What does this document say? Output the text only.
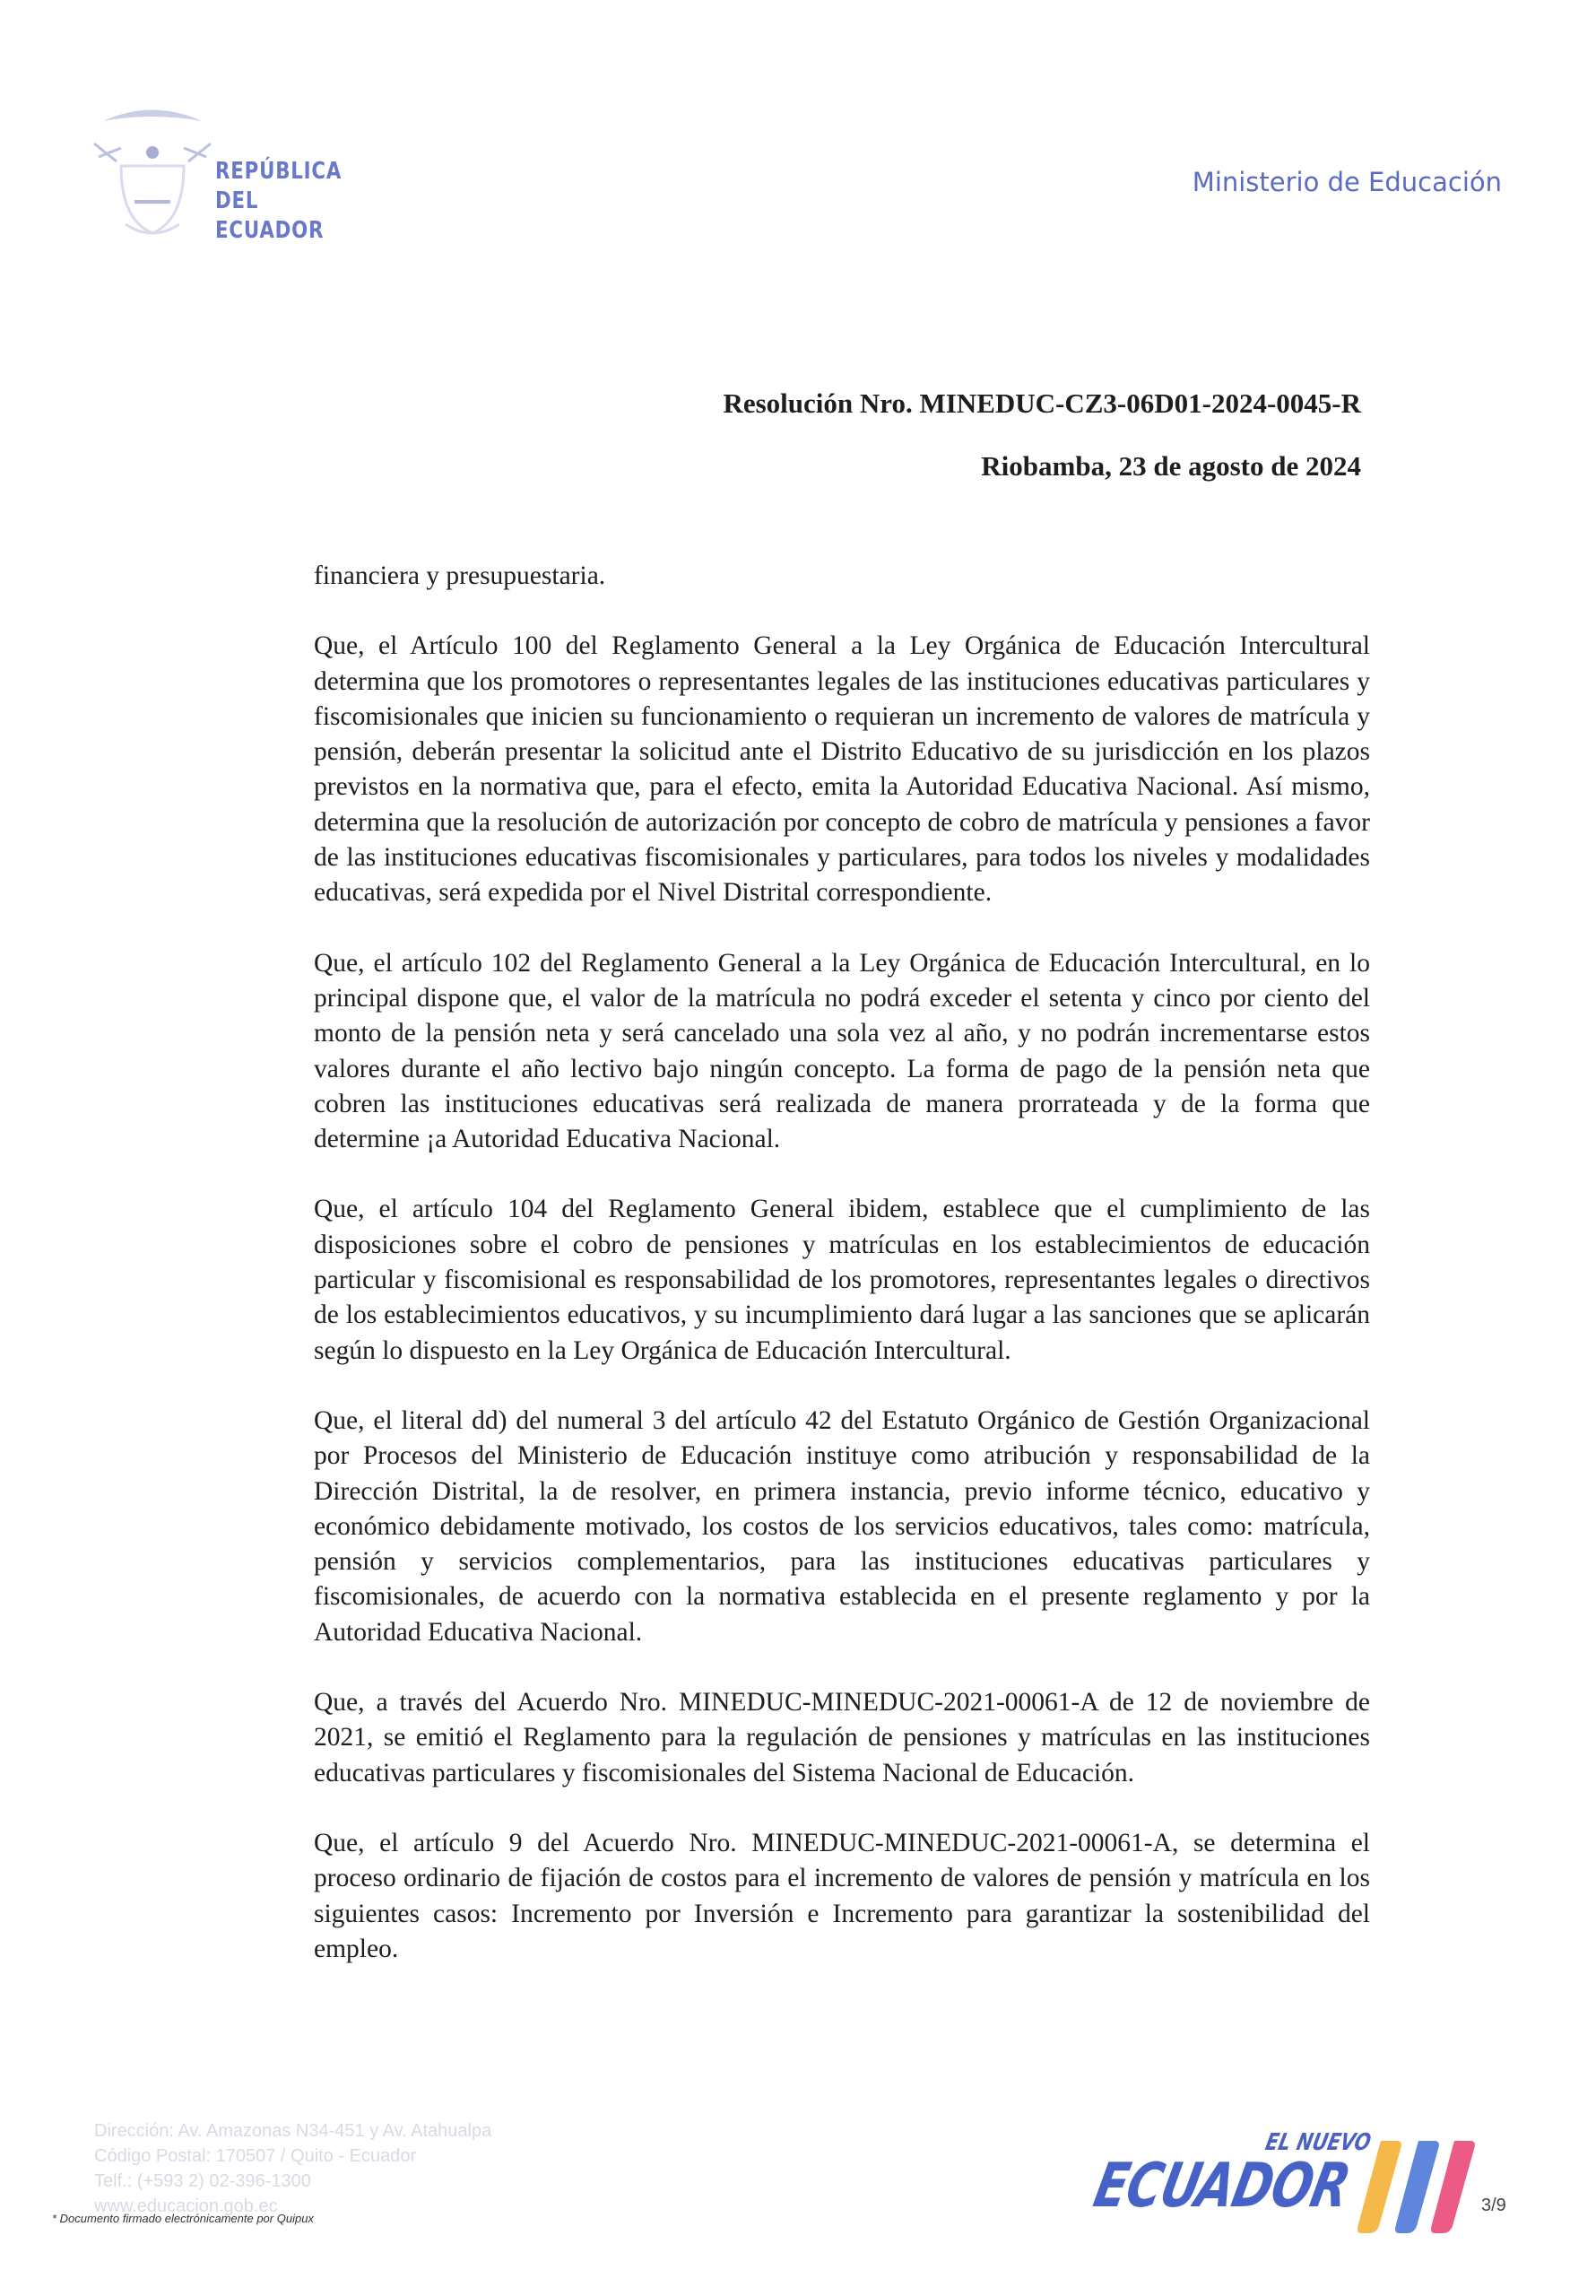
REPÚBLICA
DEL ECUADOR
Ministerio de Educación
Resolución Nro. MINEDUC-CZ3-06D01-2024-0045-R
Riobamba, 23 de agosto de 2024

financiera y presupuestaria.

Que, el Artículo 100 del Reglamento General a la Ley Orgánica de Educación Intercultural determina que los promotores o representantes legales de las instituciones educativas particulares y fiscomisionales que inicien su funcionamiento o requieran un incremento de valores de matrícula y pensión, deberán presentar la solicitud ante el Distrito Educativo de su jurisdicción en los plazos previstos en la normativa que, para el efecto, emita la Autoridad Educativa Nacional. Así mismo, determina que la resolución de autorización por concepto de cobro de matrícula y pensiones a favor de las instituciones educativas fiscomisionales y particulares, para todos los niveles y modalidades educativas, será expedida por el Nivel Distrital correspondiente.

Que, el artículo 102 del Reglamento General a la Ley Orgánica de Educación Intercultural, en lo principal dispone que, el valor de la matrícula no podrá exceder el setenta y cinco por ciento del monto de la pensión neta y será cancelado una sola vez al año, y no podrán incrementarse estos valores durante el año lectivo bajo ningún concepto. La forma de pago de la pensión neta que cobren las instituciones educativas será realizada de manera prorrateada y de la forma que determine ¡a Autoridad Educativa Nacional.

Que, el artículo 104 del Reglamento General ibidem, establece que el cumplimiento de las disposiciones sobre el cobro de pensiones y matrículas en los establecimientos de educación particular y fiscomisional es responsabilidad de los promotores, representantes legales o directivos de los establecimientos educativos, y su incumplimiento dará lugar a las sanciones que se aplicarán según lo dispuesto en la Ley Orgánica de Educación Intercultural.

Que, el literal dd) del numeral 3 del artículo 42 del Estatuto Orgánico de Gestión Organizacional por Procesos del Ministerio de Educación instituye como atribución y responsabilidad de la Dirección Distrital, la de resolver, en primera instancia, previo informe técnico, educativo y económico debidamente motivado, los costos de los servicios educativos, tales como: matrícula, pensión y servicios complementarios, para las instituciones educativas particulares y fiscomisionales, de acuerdo con la normativa establecida en el presente reglamento y por la Autoridad Educativa Nacional.

Que, a través del Acuerdo Nro. MINEDUC-MINEDUC-2021-00061-A de 12 de noviembre de 2021, se emitió el Reglamento para la regulación de pensiones y matrículas en las instituciones educativas particulares y fiscomisionales del Sistema Nacional de Educación.

Que, el artículo 9 del Acuerdo Nro. MINEDUC-MINEDUC-2021-00061-A, se determina el proceso ordinario de fijación de costos para el incremento de valores de pensión y matrícula en los siguientes casos: Incremento por Inversión e Incremento para garantizar la sostenibilidad del empleo.

Dirección: Av. Amazonas N34-451 y Av. Atahualpa
Código Postal: 170507 / Quito - Ecuador
Telf.: (+593 2) 02-396-1300
www.educacion.gob.ec
* Documento firmado electrónicamente por Quipux
EL NUEVO
ECUADOR	3/9
